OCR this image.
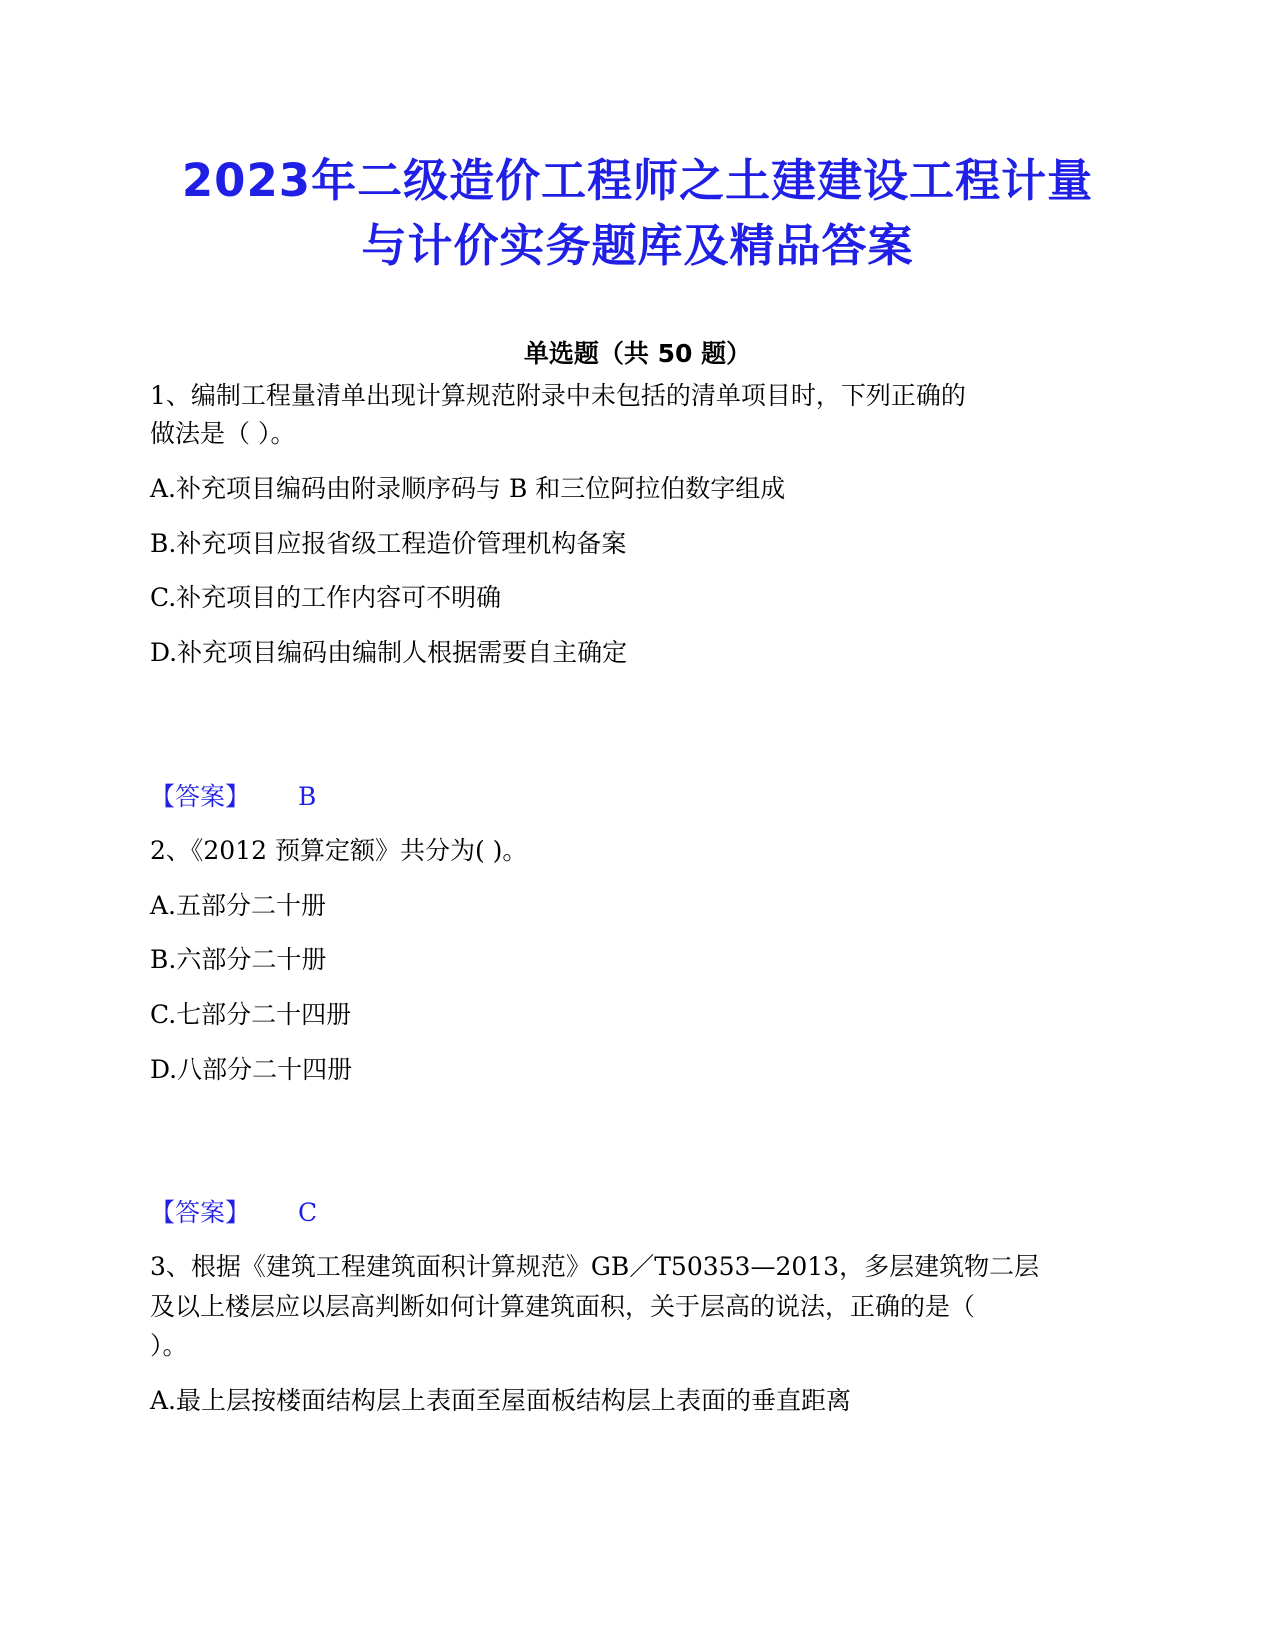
2023年二级造价工程师之土建建设工程计量
与计价实务题库及精品答案
单选题（共 50 题）
1、编制工程量清单出现计算规范附录中未包括的清单项目时，下列正确的
做法是（ ）。
A.补充项目编码由附录顺序码与 B 和三位阿拉伯数字组成
B.补充项目应报省级工程造价管理机构备案
C.补充项目的工作内容可不明确
D.补充项目编码由编制人根据需要自主确定
【答案】 B
2、《2012 预算定额》共分为( )。
A.五部分二十册
B.六部分二十册
C.七部分二十四册
D.八部分二十四册
【答案】 C
3、根据《建筑工程建筑面积计算规范》GB／T50353—2013，多层建筑物二层
及以上楼层应以层高判断如何计算建筑面积，关于层高的说法，正确的是（
）。
A.最上层按楼面结构层上表面至屋面板结构层上表面的垂直距离
